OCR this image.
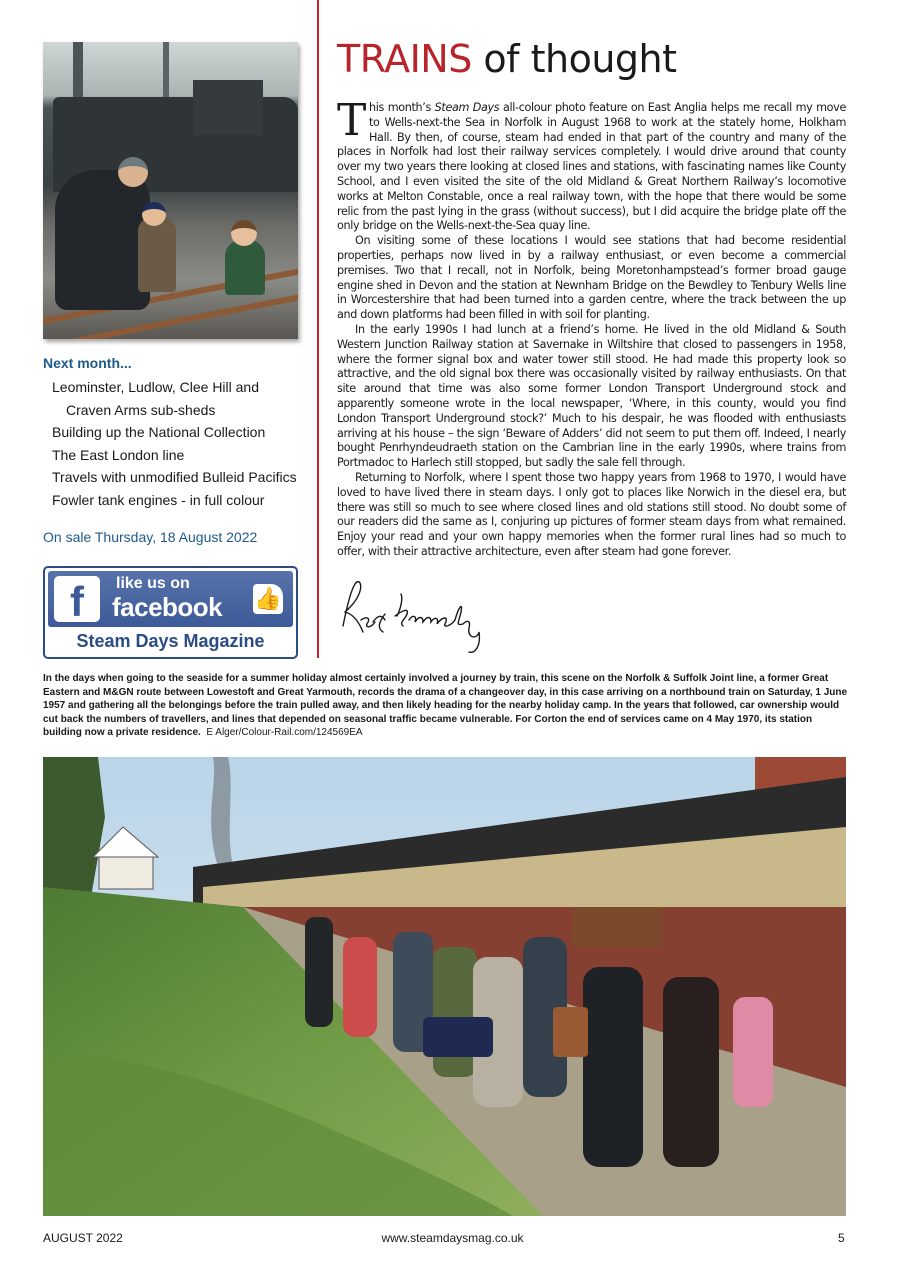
Next month...
Leominster, Ludlow, Clee Hill and
Craven Arms sub-sheds
Building up the National Collection
The East London line
Travels with unmodified Bulleid Pacifics
Fowler tank engines - in full colour
On sale Thursday, 18 August 2022
f	like us on
facebook 👍
Steam Days Magazine
TRAINS of thought

This month’s Steam Days all-colour photo feature on East Anglia helps me recall my move to Wells-next-the Sea in Norfolk in August 1968 to work at the stately home, Holkham Hall. By then, of course, steam had ended in that part of the country and many of the places in Norfolk had lost their railway services completely. I would drive around that county over my two years there looking at closed lines and stations, with fascinating names like County School, and I even visited the site of the old Midland & Great Northern Railway’s locomotive works at Melton Constable, once a real railway town, with the hope that there would be some relic from the past lying in the grass (without success), but I did acquire the bridge plate off the only bridge on the Wells-next-the-Sea quay line.

On visiting some of these locations I would see stations that had become residential properties, perhaps now lived in by a railway enthusiast, or even become a commercial premises. Two that I recall, not in Norfolk, being Moretonhampstead’s former broad gauge engine shed in Devon and the station at Newnham Bridge on the Bewdley to Tenbury Wells line in Worcestershire that had been turned into a garden centre, where the track between the up and down platforms had been filled in with soil for planting.

In the early 1990s I had lunch at a friend’s home. He lived in the old Midland & South Western Junction Railway station at Savernake in Wiltshire that closed to passengers in 1958, where the former signal box and water tower still stood. He had made this property look so attractive, and the old signal box there was occasionally visited by railway enthusiasts. On that site around that time was also some former London Transport Underground stock and apparently someone wrote in the local newspaper, ‘Where, in this county, would you find London Transport Underground stock?’ Much to his despair, he was flooded with enthusiasts arriving at his house – the sign ‘Beware of Adders’ did not seem to put them off. Indeed, I nearly bought Penrhyndeudraeth station on the Cambrian line in the early 1990s, where trains from Portmadoc to Harlech still stopped, but sadly the sale fell through.

Returning to Norfolk, where I spent those two happy years from 1968 to 1970, I would have loved to have lived there in steam days. I only got to places like Norwich in the diesel era, but there was still so much to see where closed lines and old stations still stood. No doubt some of our readers did the same as I, conjuring up pictures of former steam days from what remained. Enjoy your read and your own happy memories when the former rural lines had so much to offer, with their attractive architecture, even after steam had gone forever.

In the days when going to the seaside for a summer holiday almost certainly involved a journey by train, this scene on the Norfolk & Suffolk Joint line, a former Great Eastern and M&GN route between Lowestoft and Great Yarmouth, records the drama of a changeover day, in this case arriving on a northbound train on Saturday, 1 June 1957 and gathering all the belongings before the train pulled away, and then likely heading for the nearby holiday camp. In the years that followed, car ownership would cut back the numbers of travellers, and lines that depended on seasonal traffic became vulnerable. For Corton the end of services came on 4 May 1970, its station building now a private residence. E Alger/Colour-Rail.com/124569EA
AUGUST 2022	www.steamdaysmag.co.uk	5
